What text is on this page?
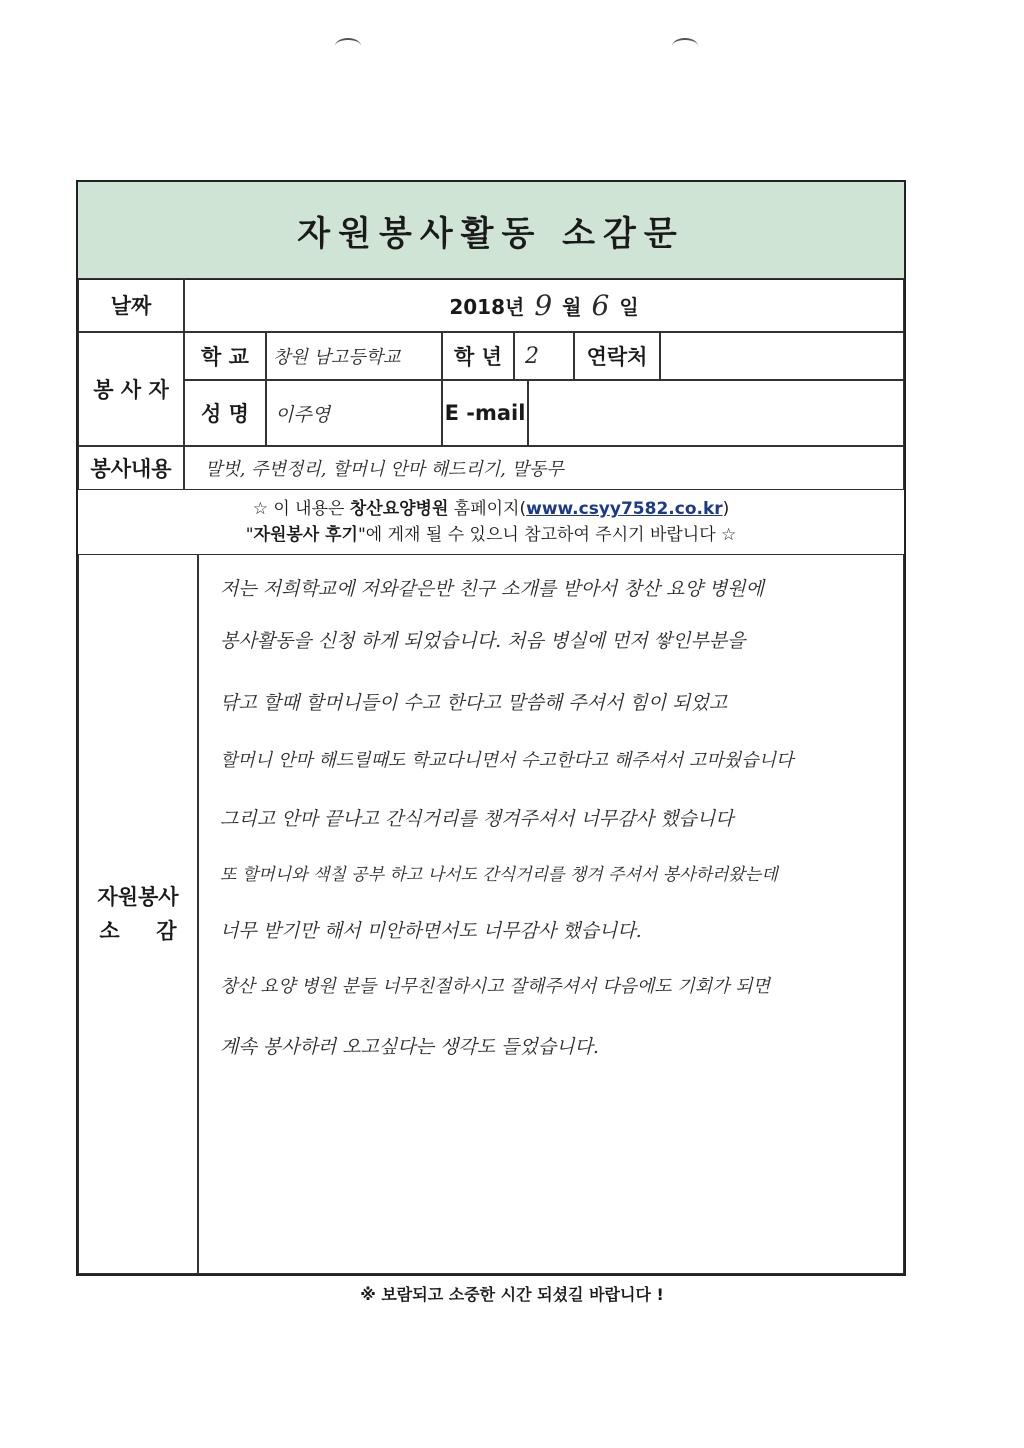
자원봉사활동 소감문
날짜	2018년 9 월 6 일
봉 사 자
학 교	창원 남고등학교	학 년	2	연락처
성 명	이주영	E -mail
봉사내용	말벗, 주변정리, 할머니 안마 해드리기, 말동무
☆ 이 내용은 창산요양병원 홈페이지(www.csyy7582.co.kr)
"자원봉사 후기"에 게재 될 수 있으니 참고하여 주시기 바랍니다 ☆
자원봉사
소     감
저는 저희학교에 저와같은반 친구 소개를 받아서 창산 요양 병원에
봉사활동을 신청 하게 되었습니다. 처음 병실에 먼저 쌓인부분을
닦고 할때 할머니들이 수고 한다고 말씀해 주셔서 힘이 되었고
할머니 안마 해드릴때도 학교다니면서 수고한다고 해주셔서 고마웠습니다
그리고 안마 끝나고 간식거리를 챙겨주셔서 너무감사 했습니다
또 할머니와 색칠 공부 하고 나서도 간식거리를 챙겨 주셔서 봉사하러왔는데
너무 받기만 해서 미안하면서도 너무감사 했습니다.
창산 요양 병원 분들 너무친절하시고 잘해주셔서 다음에도 기회가 되면
계속 봉사하러 오고싶다는 생각도 들었습니다.
※ 보람되고 소중한 시간 되셨길 바랍니다 !
